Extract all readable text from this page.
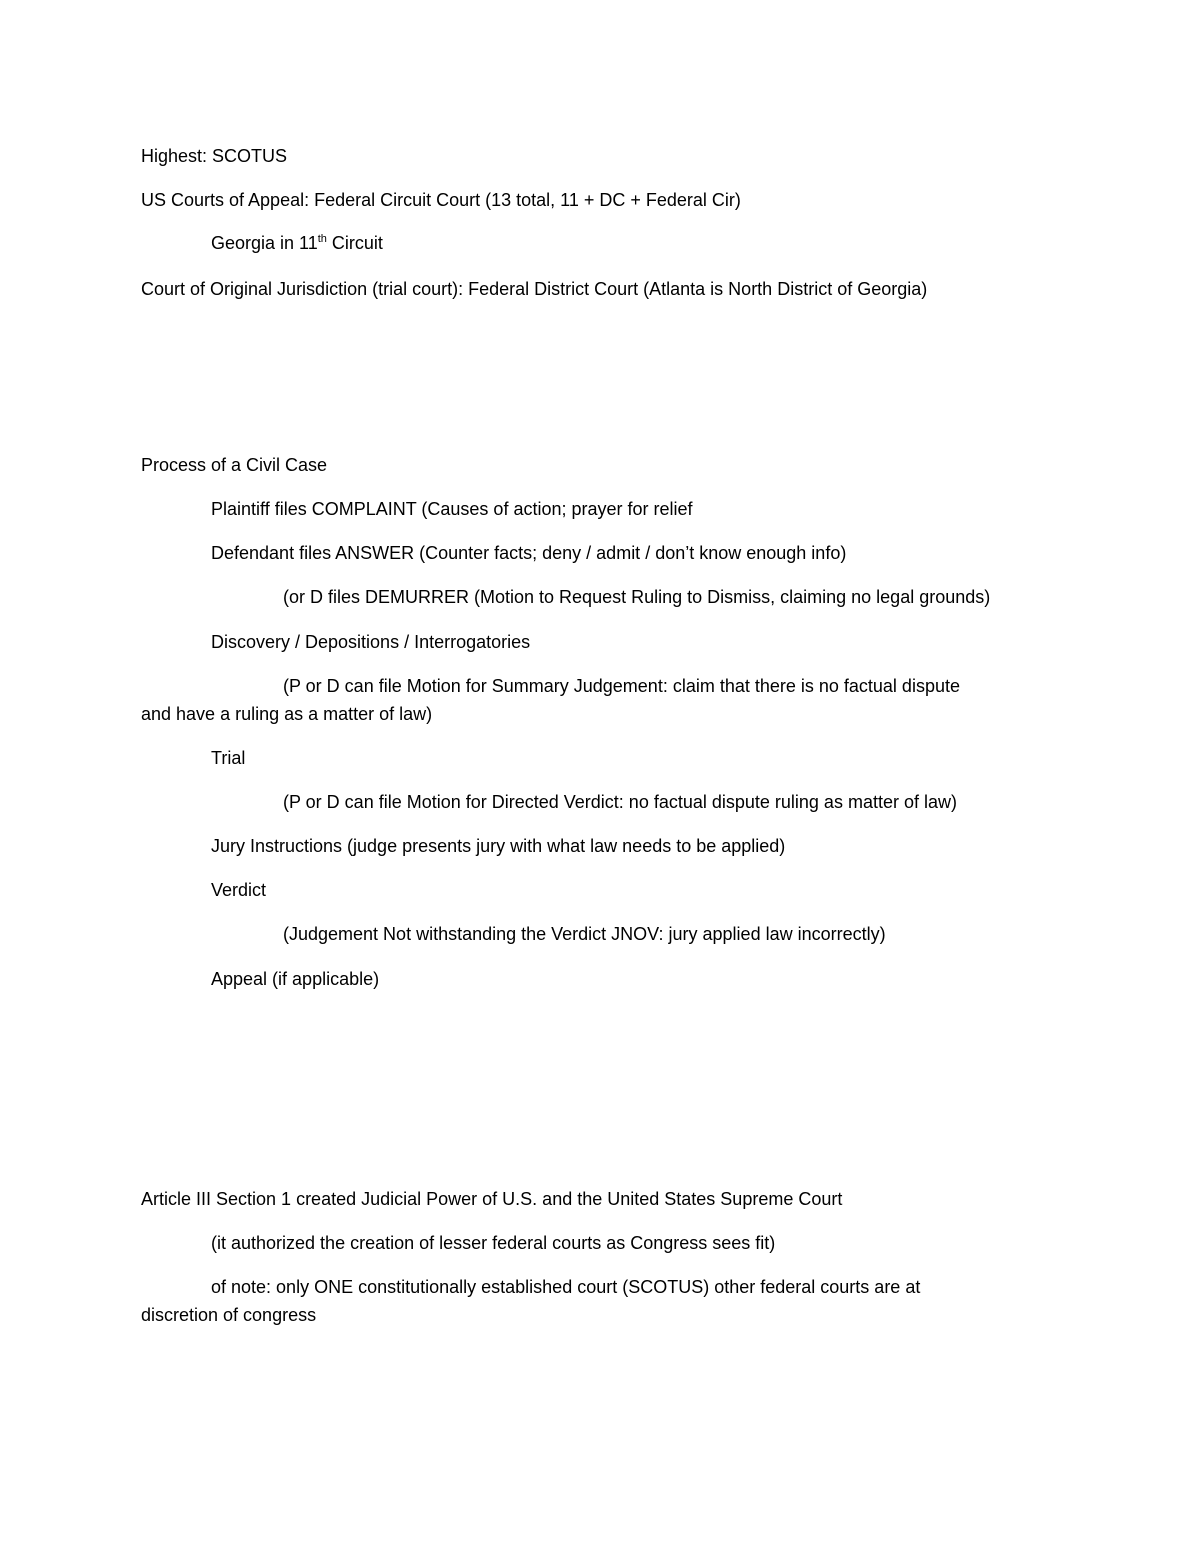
Highest: SCOTUS
US Courts of Appeal: Federal Circuit Court (13 total, 11 + DC + Federal Cir)
Georgia in 11th Circuit
Court of Original Jurisdiction (trial court): Federal District Court (Atlanta is North District of Georgia)
Process of a Civil Case
Plaintiff files COMPLAINT (Causes of action; prayer for relief
Defendant files ANSWER (Counter facts; deny / admit / don’t know enough info)
(or D files DEMURRER (Motion to Request Ruling to Dismiss, claiming no legal grounds)
Discovery / Depositions / Interrogatories
(P or D can file Motion for Summary Judgement: claim that there is no factual dispute
and have a ruling as a matter of law)
Trial
(P or D can file Motion for Directed Verdict: no factual dispute ruling as matter of law)
Jury Instructions (judge presents jury with what law needs to be applied)
Verdict
(Judgement Not withstanding the Verdict JNOV: jury applied law incorrectly)
Appeal (if applicable)
Article III Section 1 created Judicial Power of U.S. and the United States Supreme Court
(it authorized the creation of lesser federal courts as Congress sees fit)
of note: only ONE constitutionally established court (SCOTUS) other federal courts are at
discretion of congress
